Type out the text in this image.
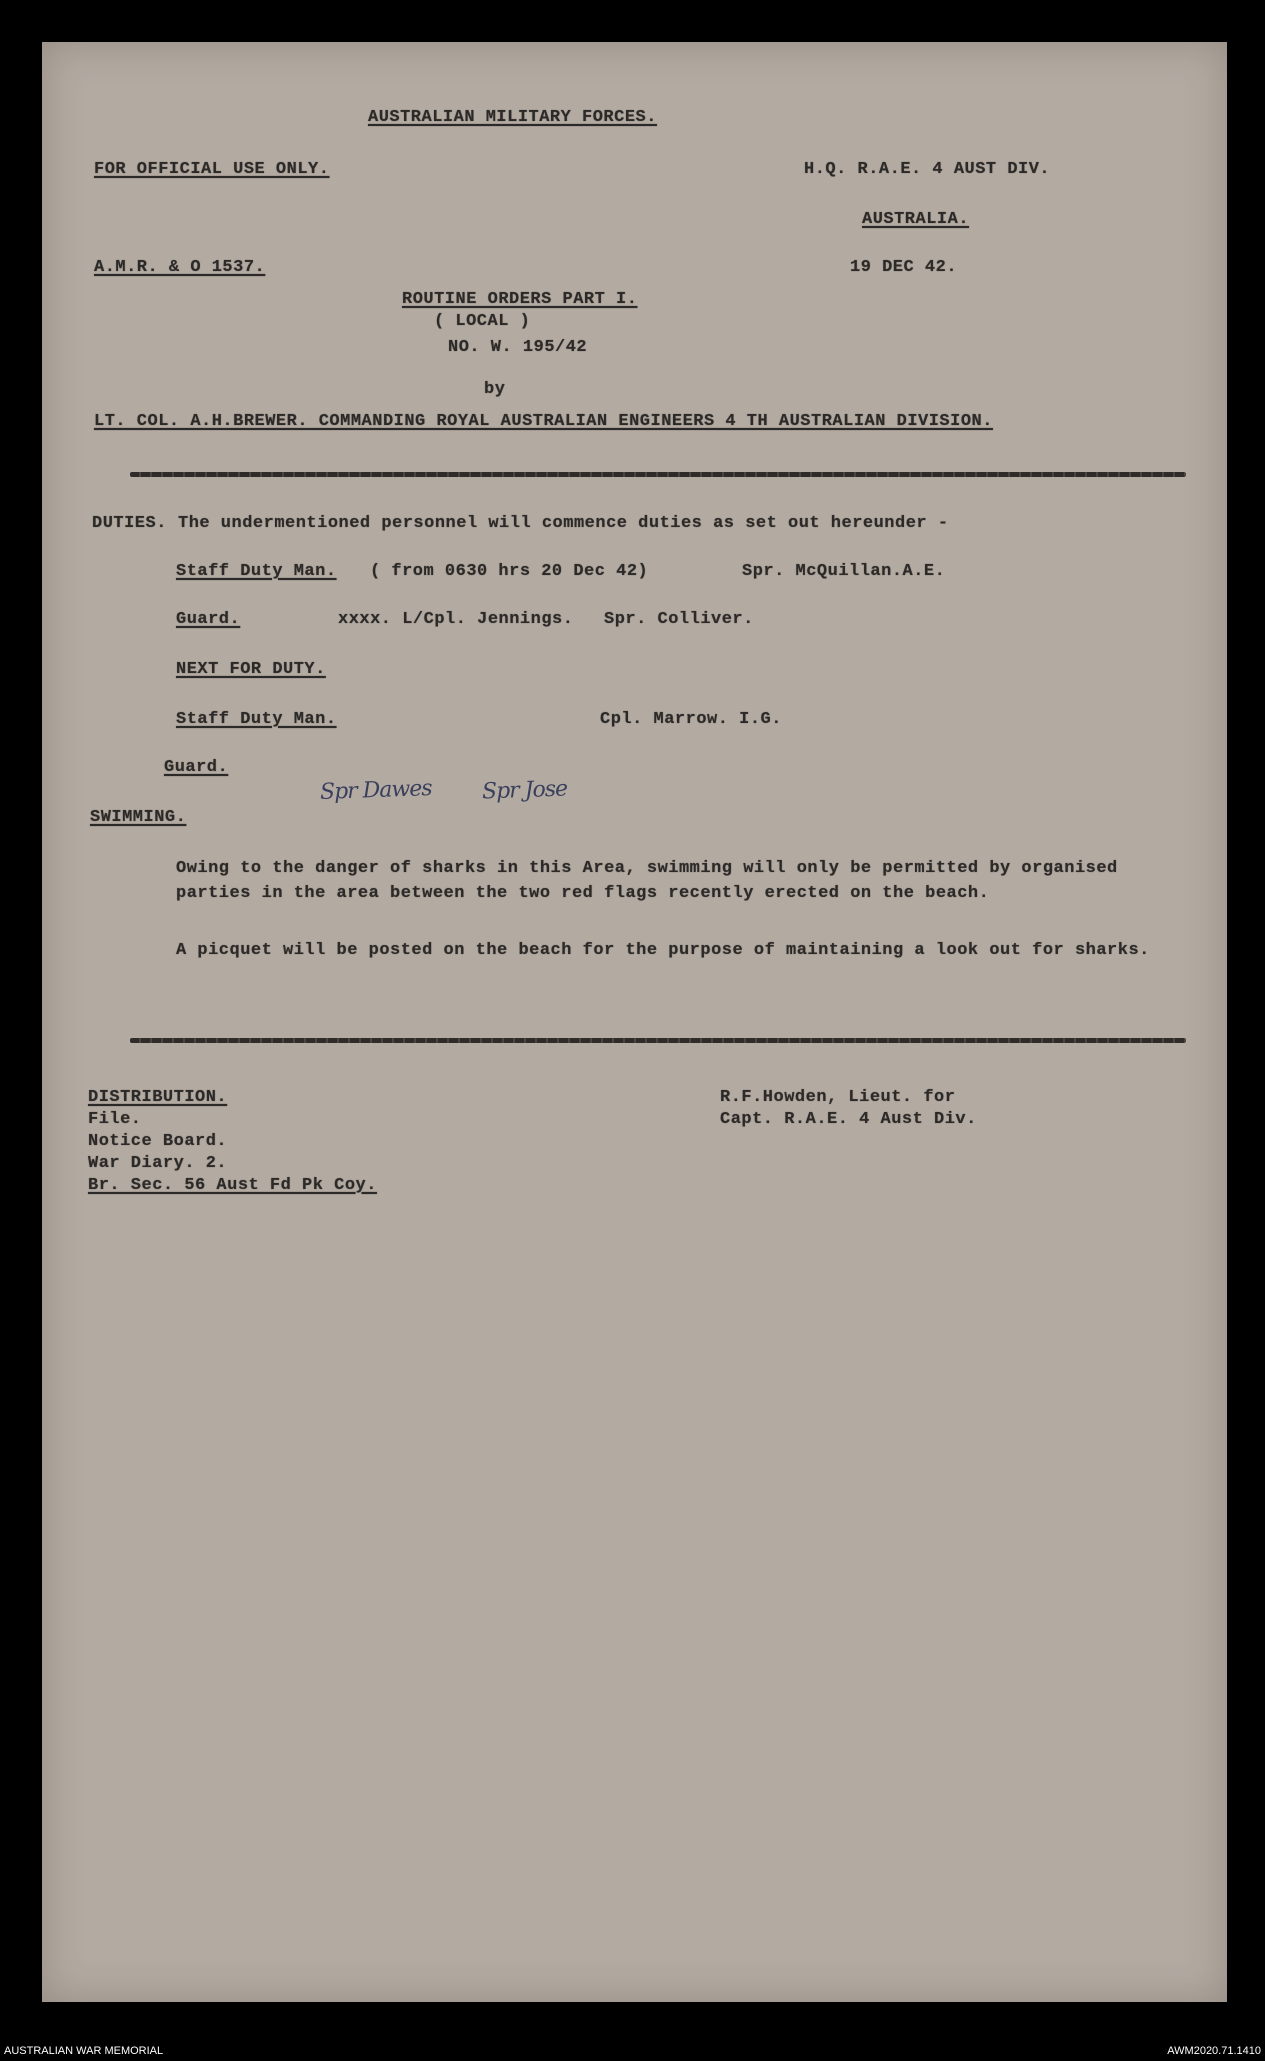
AUSTRALIAN MILITARY FORCES.

FOR OFFICIAL USE ONLY.	H.Q. R.A.E. 4 AUST DIV.

AUSTRALIA.

A.M.R. & O 1537.	19 DEC 42.

ROUTINE ORDERS PART I.

( LOCAL )

NO. W. 195/42

by

LT. COL. A.H.BREWER. COMMANDING ROYAL AUSTRALIAN ENGINEERS 4 TH AUSTRALIAN DIVISION.

DUTIES. The undermentioned personnel will commence duties as set out hereunder -

Staff Duty Man. ( from 0630 hrs 20 Dec 42)	Spr. McQuillan.A.E.

Guard.	xxxx. L/Cpl. Jennings. Spr. Colliver.

NEXT FOR DUTY.

Staff Duty Man.	Cpl. Marrow. I.G.

Guard.

Spr Dawes Spr Jose

SWIMMING.

Owing to the danger of sharks in this Area, swimming will only be permitted by organised parties in the area between the two red flags recently erected on the beach.

A picquet will be posted on the beach for the purpose of maintaining a look out for sharks.

DISTRIBUTION.

File.

Notice Board.

War Diary. 2.

Br. Sec. 56 Aust Fd Pk Coy.

R.F.Howden, Lieut. for

Capt. R.A.E. 4 Aust Div.

AUSTRALIAN WAR MEMORIAL	AWM2020.71.1410
